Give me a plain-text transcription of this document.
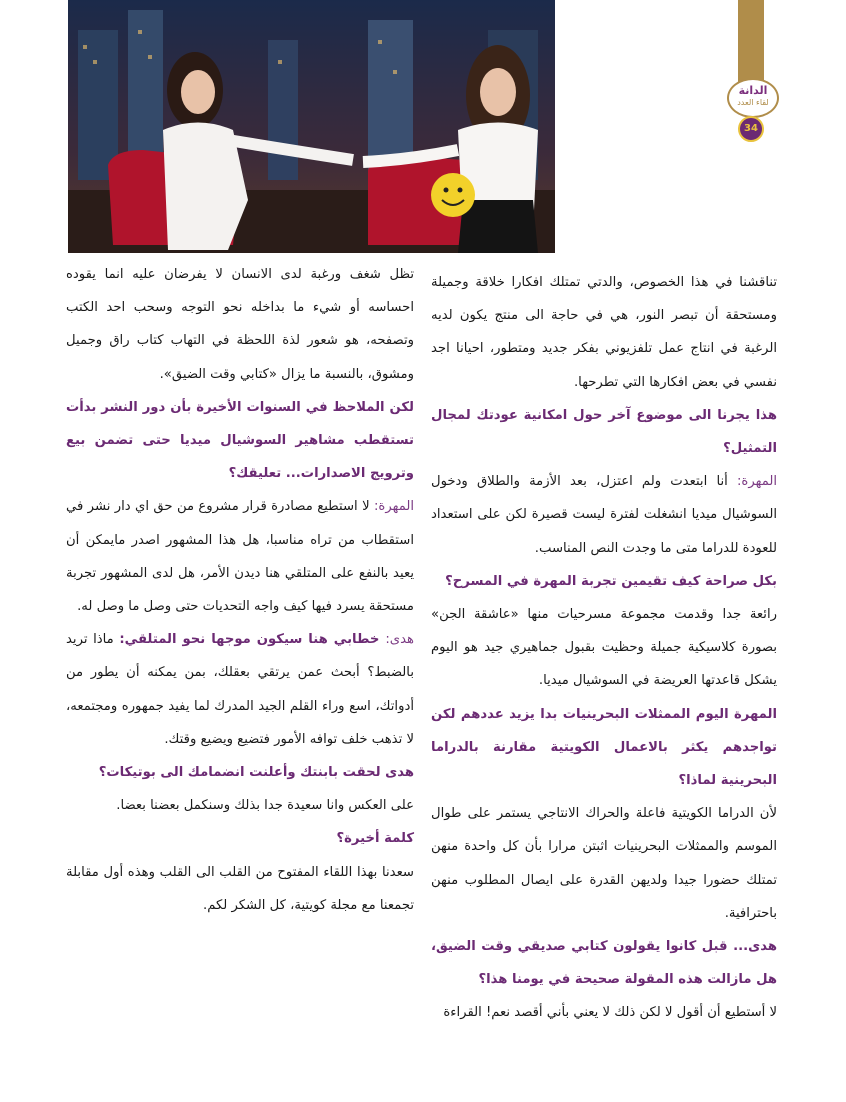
الدانة
لقاء العدد
34

تناقشنا في هذا الخصوص، والدتي تمتلك افكارا خلاقة وجميلة ومستحقة أن تبصر النور، هي في حاجة الى منتج يكون لديه الرغبة في انتاج عمل تلفزيوني بفكر جديد ومتطور، احيانا اجد نفسي في بعض افكارها التي تطرحها.

هذا يجرنا الى موضوع آخر حول امكانية عودتك لمجال التمثيل؟

المهرة: أنا ابتعدت ولم اعتزل، بعد الأزمة والطلاق ودخول السوشيال ميديا انشغلت لفترة ليست قصيرة لكن على استعداد للعودة للدراما متى ما وجدت النص المناسب.

بكل صراحة كيف تقيمين تجربة المهرة في المسرح؟

رائعة جدا وقدمت مجموعة مسرحيات منها «عاشقة الجن» بصورة كلاسيكية جميلة وحظيت بقبول جماهيري جيد هو اليوم يشكل قاعدتها العريضة في السوشيال ميديا.

المهرة اليوم الممثلات البحرينيات بدا يزيد عددهم لكن تواجدهم يكثر بالاعمال الكويتية مقارنة بالدراما البحرينية لماذا؟

لأن الدراما الكويتية فاعلة والحراك الانتاجي يستمر على طوال الموسم والممثلات البحرينيات اثبتن مرارا بأن كل واحدة منهن تمتلك حضورا جيدا ولديهن القدرة على ايصال المطلوب منهن باحترافية.

هدى... قبل كانوا يقولون كتابي صديقي وقت الضيق، هل مازالت هذه المقولة صحيحة في يومنا هذا؟

لا أستطيع أن أقول لا لكن ذلك لا يعني بأني أقصد نعم! القراءة

تظل شغف ورغبة لدى الانسان لا يفرضان عليه انما يقوده احساسه أو شيء ما بداخله نحو التوجه وسحب احد الكتب وتصفحه، هو شعور لذة اللحظة في التهاب كتاب راق وجميل ومشوق، بالنسبة ما يزال «كتابي وقت الضيق».

لكن الملاحظ في السنوات الأخيرة بأن دور النشر بدأت تستقطب مشاهير السوشيال ميديا حتى تضمن بيع وترويج الاصدارات... تعليقك؟

المهرة: لا استطيع مصادرة قرار مشروع من حق اي دار نشر في استقطاب من تراه مناسبا، هل هذا المشهور اصدر مايمكن أن يعيد بالنفع على المتلقي هنا ديدن الأمر، هل لدى المشهور تجربة مستحقة يسرد فيها كيف واجه التحديات حتى وصل ما وصل له.

هدى: خطابي هنا سيكون موجها نحو المتلقي: ماذا تريد بالضبط؟ أبحث عمن يرتقي بعقلك، بمن يمكنه أن يطور من أدواتك، اسع وراء القلم الجيد المدرك لما يفيد جمهوره ومجتمعه، لا تذهب خلف توافه الأمور فتضيع ويضيع وقتك.

هدى لحقت بابنتك وأعلنت انضمامك الى بوتيكات؟

على العكس وانا سعيدة جدا بذلك وسنكمل بعضنا بعضا.

كلمة أخيرة؟

سعدنا بهذا اللقاء المفتوح من القلب الى القلب وهذه أول مقابلة تجمعنا مع مجلة كويتية، كل الشكر لكم.
